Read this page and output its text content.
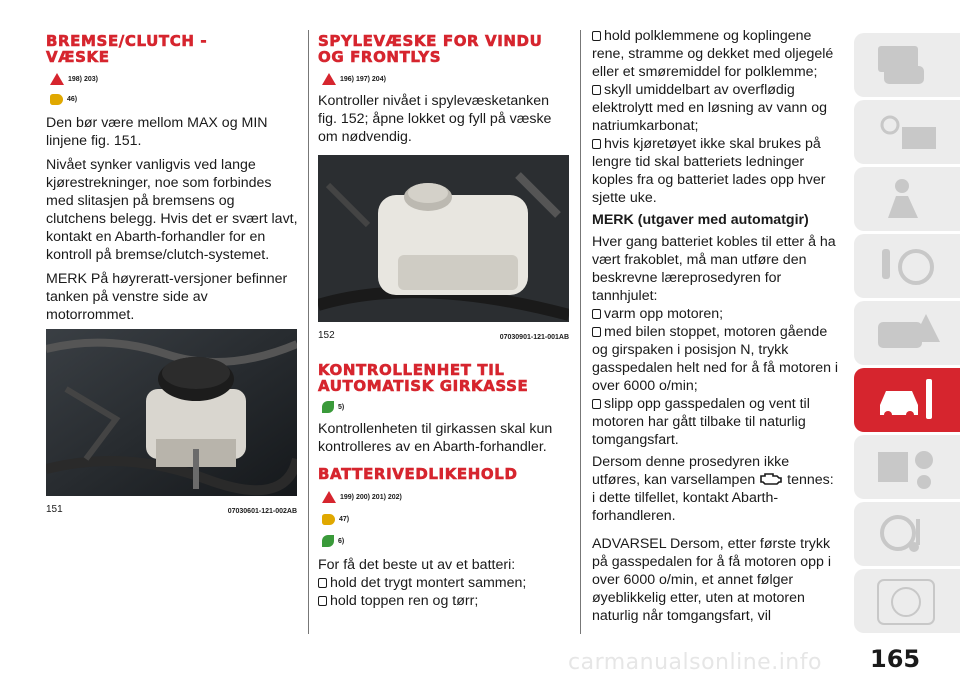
BREMSE/CLUTCH -
VÆSKE
198) 203)
46)

Den bør være mellom MAX og MIN linjene fig. 151.

Nivået synker vanligvis ved lange kjørestrekninger, noe som forbindes med slitasjen på bremsens og clutchens belegg. Hvis det er svært lavt, kontakt en Abarth-forhandler for en kontroll på bremse/clutch-systemet.

MERK På høyreratt-versjoner befinner tanken på venstre side av motorrommet.

151	07030601-121-002AB
SPYLEVÆSKE FOR VINDU
OG FRONTLYS
196) 197) 204)

Kontroller nivået i spylevæsketanken fig. 152; åpne lokket og fyll på væske om nødvendig.

152	07030901-121-001AB
KONTROLLENHET TIL
AUTOMATISK GIRKASSE
5)

Kontrollenheten til girkassen skal kun kontrolleres av en Abarth-forhandler.

BATTERIVEDLIKEHOLD
199) 200) 201) 202)
47)
6)

For få det beste ut av et batteri:

hold det trygt montert sammen;

hold toppen ren og tørr;

hold polklemmene og koplingene rene, stramme og dekket med oljegelé eller et smøremiddel for polklemme;

skyll umiddelbart av overflødig elektrolytt med en løsning av vann og natriumkarbonat;

hvis kjøretøyet ikke skal brukes på lengre tid skal batteriets ledninger koples fra og batteriet lades opp hver sjette uke.

MERK (utgaver med automatgir)

Hver gang batteriet kobles til etter å ha vært frakoblet, må man utføre den beskrevne læreprosedyren for tannhjulet:

varm opp motoren;

med bilen stoppet, motoren gående og girspaken i posisjon N, trykk gasspedalen helt ned for å få motoren i over 6000 o/min;

slipp opp gasspedalen og vent til motoren har gått tilbake til naturlig tomgangsfart.

Dersom denne prosedyren ikke utføres, kan varsellampen tennes: i dette tilfellet, kontakt Abarth-forhandleren.

ADVARSEL Dersom, etter første trykk på gasspedalen for å få motoren opp i over 6000 o/min, et annet følger øyeblikkelig etter, uten at motoren naturlig når tomgangsfart, vil

carmanualsonline.info 165
